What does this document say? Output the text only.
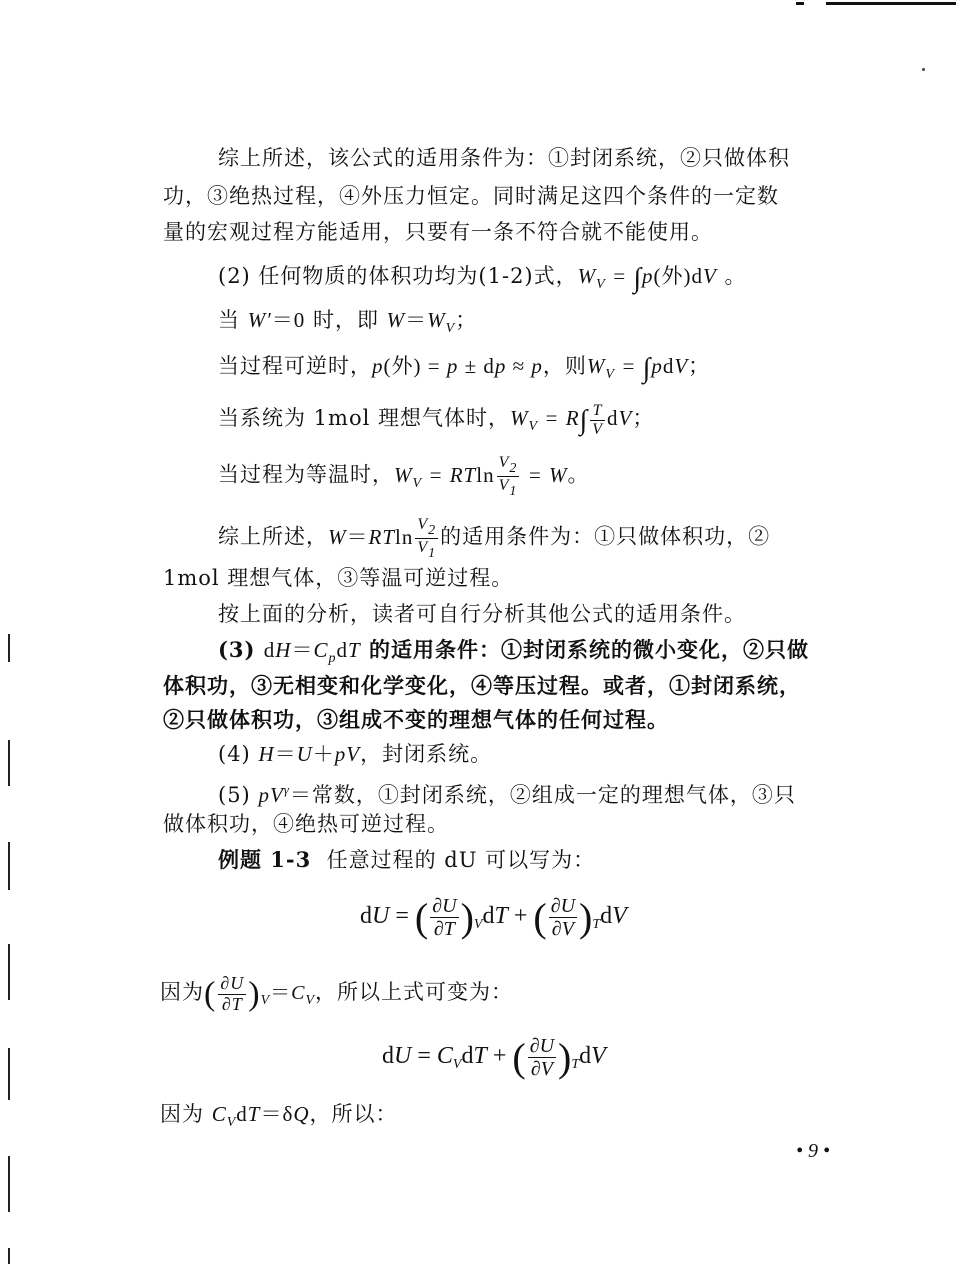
综上所述，该公式的适用条件为：①封闭系统，②只做体积
功，③绝热过程，④外压力恒定。同时满足这四个条件的一定数
量的宏观过程方能适用，只要有一条不符合就不能使用。
(2) 任何物质的体积功均为(1-2)式，$W_V = \int p$(外)dV 。
当 W′＝0 时，即 $W=W_V$；
当过程可逆时，p(外) = p ± dp ≈ p，则$W_V = \int pdV$；
当系统为 1mol 理想气体时，$W_V = R\int \frac{T}{V}$ dV；
当过程为等温时，$W_V = RTln \frac{V2}{V1} = W$。
综上所述，$W=RTln \frac{V2}{V1}$ 的适用条件为：①只做体积功，②
1mol 理想气体，③等温可逆过程。
按上面的分析，读者可自行分析其他公式的适用条件。
(3) $dH=C_pdT$ 的适用条件：①封闭系统的微小变化，②只做
体积功，③无相变和化学变化，④等压过程。或者，①封闭系统，
②只做体积功，③组成不变的理想气体的任何过程。
(4) H＝U＋pV，封闭系统。
(5) $pV^\gamma=$常数，①封闭系统，②组成一定的理想气体，③只
做体积功，④绝热可逆过程。
例题 1-3 任意过程的 dU 可以写为：
dU = ( $\frac{\partial U}{\partial T} )_VdT$ + ( $\frac{\partial U}{\partial V} )_TdV$
因为( $\frac{\partial U}{\partial T} )_V=C_V$，所以上式可变为：
dU = $C_VdT$ + ( $\frac{\partial U}{\partial V} )_TdV$
因为 $C_VdT=\delta Q$，所以：
• 9 •
